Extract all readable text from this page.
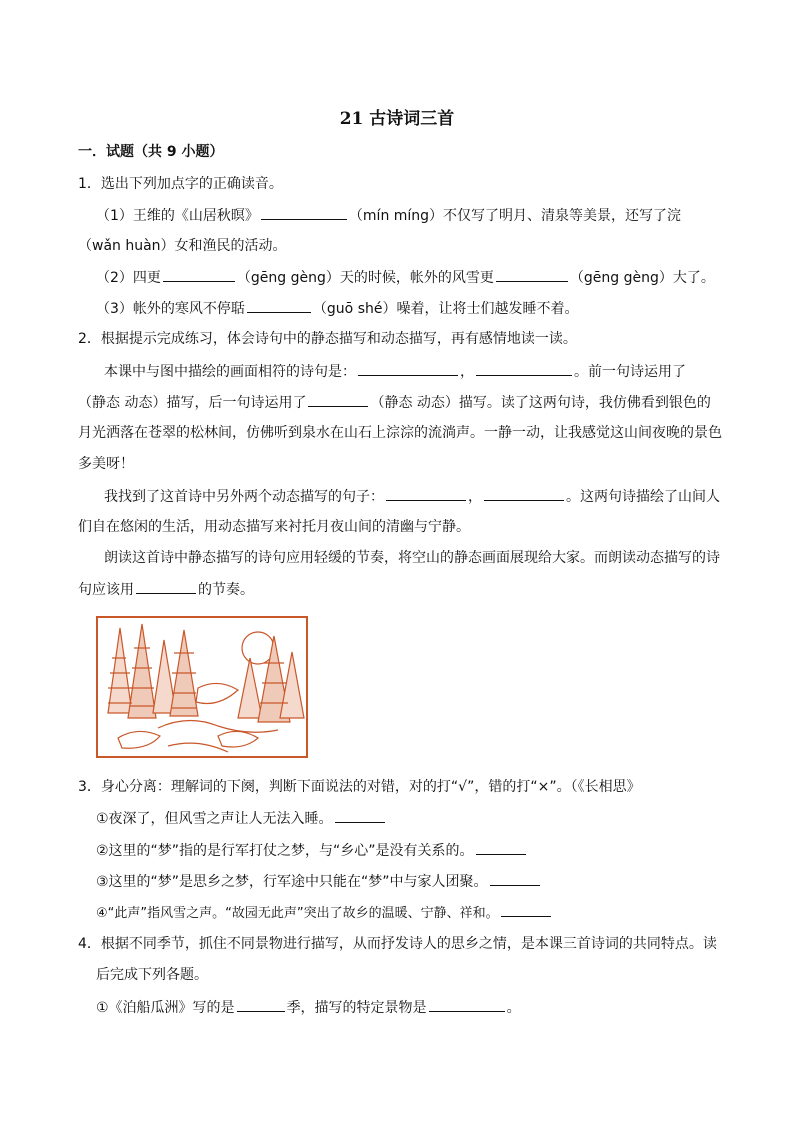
21 古诗词三首
一．试题（共 9 小题）
1．选出下列加点字的正确读音。
（1）王维的《山居秋暝》	（mín míng）不仅写了明月、清泉等美景，还写了浣
（wǎn huàn）女和渔民的活动。
（2）四更	（gēng gèng）天的时候，帐外的风雪更	（gēng gèng）大了。
（3）帐外的寒风不停聒	（guō shé）噪着，让将士们越发睡不着。
2．根据提示完成练习，体会诗句中的静态描写和动态描写，再有感情地读一读。
本课中与图中描绘的画面相符的诗句是：	，	。前一句诗运用了
（静态 动态）描写，后一句诗运用了	（静态 动态）描写。读了这两句诗，我仿佛看到银色的
月光洒落在苍翠的松林间，仿佛听到泉水在山石上淙淙的流淌声。一静一动，让我感觉这山间夜晚的景色
多美呀！
我找到了这首诗中另外两个动态描写的句子：	，	。这两句诗描绘了山间人
们自在悠闲的生活，用动态描写来衬托月夜山间的清幽与宁静。
朗读这首诗中静态描写的诗句应用轻缓的节奏，将空山的静态画面展现给大家。而朗读动态描写的诗
句应该用	的节奏。
3．身心分离：理解词的下阕，判断下面说法的对错，对的打“√”，错的打“×”。（《长相思》
①夜深了，但风雪之声让人无法入睡。
②这里的“梦”指的是行军打仗之梦，与“乡心”是没有关系的。
③这里的“梦”是思乡之梦，行军途中只能在“梦”中与家人团聚。
④“此声”指风雪之声。“故园无此声”突出了故乡的温暖、宁静、祥和。
4．根据不同季节，抓住不同景物进行描写，从而抒发诗人的思乡之情，是本课三首诗词的共同特点。读
后完成下列各题。
①《泊船瓜洲》写的是	季，描写的特定景物是	。
